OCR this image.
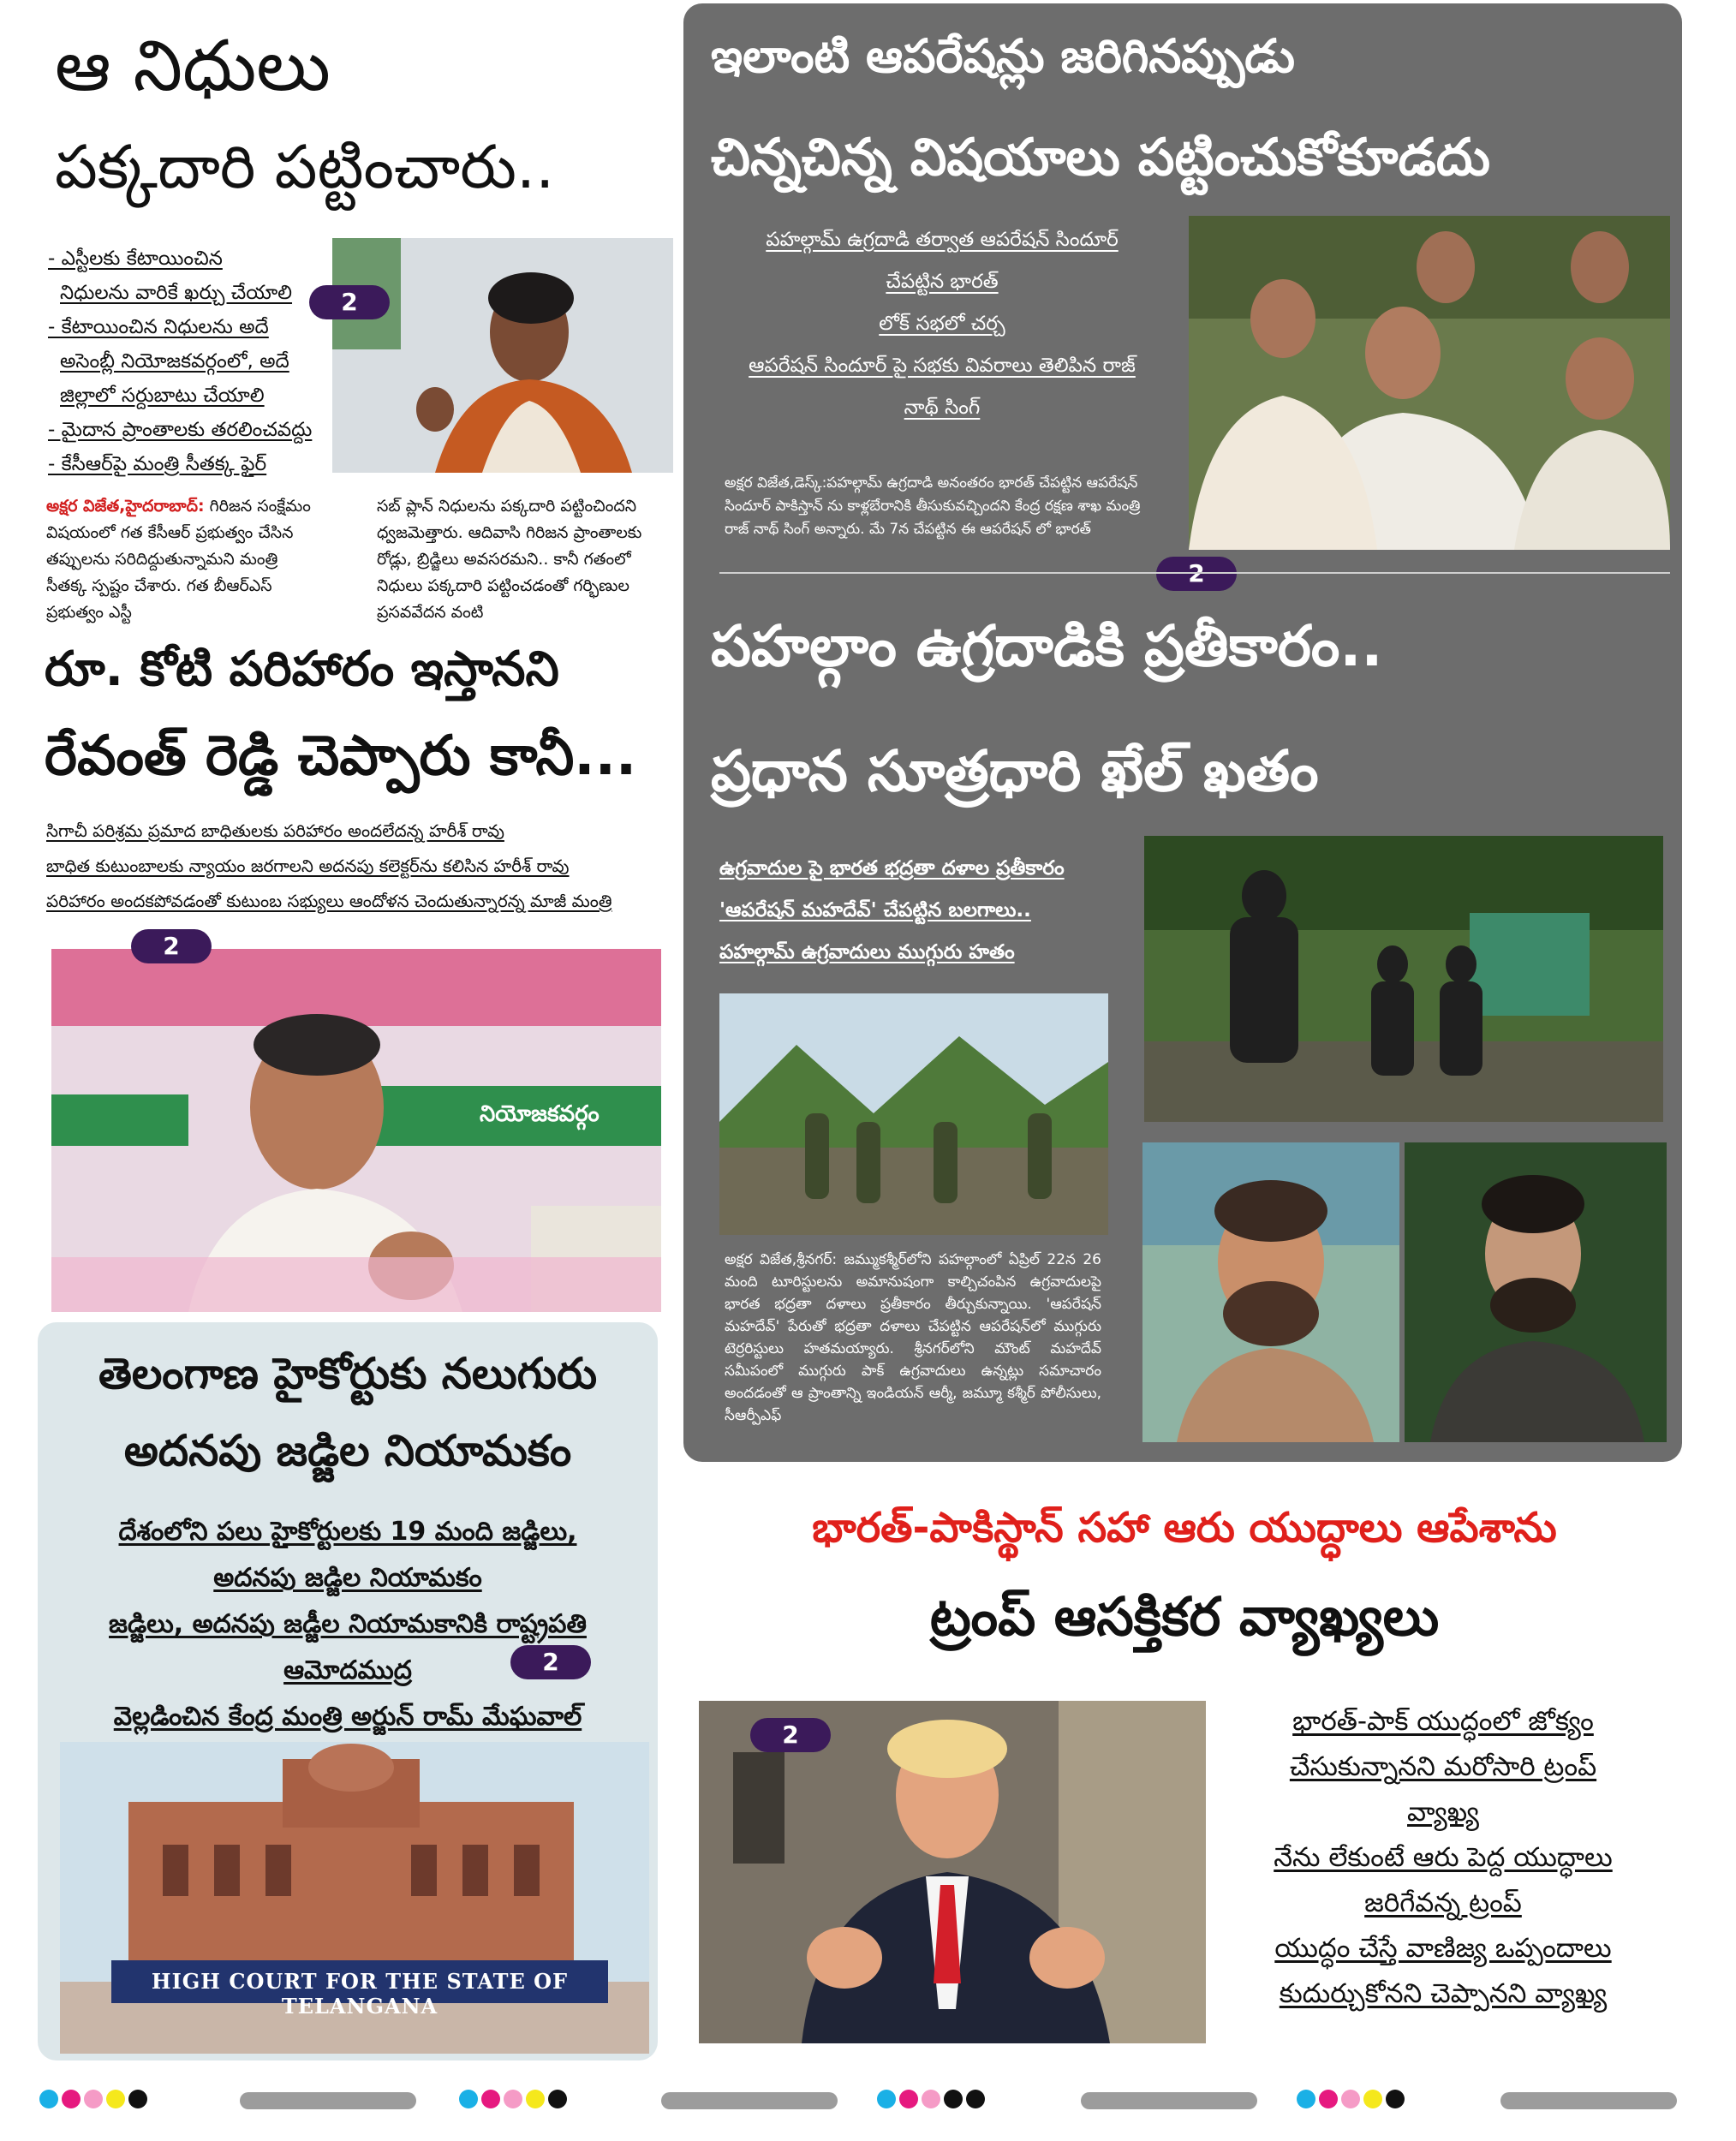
ఆ నిధులు
పక్కదారి పట్టించారు..

- ఎస్టీలకు కేటాయించిన

నిధులను వారికే ఖర్చు చేయాలి

- కేటాయించిన నిధులను అదే

అసెంబ్లీ నియోజకవర్గంలో, అదే

జిల్లాలో సర్దుబాటు చేయాలి

- మైదాన ప్రాంతాలకు తరలించవద్దు

- కేసీఆర్‌పై మంత్రి సీతక్క ఫైర్

2
అక్షర విజేత,హైదరాబాద్: గిరిజన సంక్షేమం విషయంలో గత కేసీఆర్ ప్రభుత్వం చేసిన తప్పులను సరిదిద్దుతున్నామని మంత్రి సీతక్క స్పష్టం చేశారు. గత బీఆర్ఎస్ ప్రభుత్వం ఎస్టీ
సబ్ ప్లాన్ నిధులను పక్కదారి పట్టించిందని ధ్వజమెత్తారు. ఆదివాసి గిరిజన ప్రాంతాలకు రోడ్లు, బ్రిడ్జిలు అవసరమని.. కానీ గతంలో నిధులు పక్కదారి పట్టించడంతో గర్భిణుల ప్రసవవేదన వంటి
రూ. కోటి పరిహారం ఇస్తానని
రేవంత్ రెడ్డి చెప్పారు కానీ...

సిగాచీ పరిశ్రమ ప్రమాద బాధితులకు పరిహారం అందలేదన్న హరీశ్ రావు

బాధిత కుటుంబాలకు న్యాయం జరగాలని అదనపు కలెక్టర్‌ను కలిసిన హరీశ్ రావు

పరిహారం అందకపోవడంతో కుటుంబ సభ్యులు ఆందోళన చెందుతున్నారన్న మాజీ మంత్రి

నియోజకవర్గం
2
తెలంగాణ హైకోర్టుకు నలుగురు
అదనపు జడ్జిల నియామకం
దేశంలోని పలు హైకోర్టులకు 19 మంది జడ్జిలు,
అదనపు జడ్జిల నియామకం
జడ్జిలు, అదనపు జడ్జీల నియామకానికి రాష్ట్రపతి
ఆమోదముద్ర
వెల్లడించిన కేంద్ర మంత్రి అర్జున్ రామ్ మేఘవాల్
2
HIGH COURT FOR THE STATE OF TELANGANA
ఇలాంటి ఆపరేషన్లు జరిగినప్పుడు
చిన్నచిన్న విషయాలు పట్టించుకోకూడదు
పహల్గామ్ ఉగ్రదాడి తర్వాత ఆపరేషన్ సిందూర్
చేపట్టిన భారత్
లోక్ సభలో చర్చ
ఆపరేషన్ సిందూర్ పై సభకు వివరాలు తెలిపిన రాజ్
నాథ్ సింగ్
అక్షర విజేత,డెస్క్:పహల్గామ్ ఉగ్రదాడి అనంతరం భారత్ చేపట్టిన ఆపరేషన్ సిందూర్ పాకిస్తాన్ ను కాళ్లబేరానికి తీసుకువచ్చిందని కేంద్ర రక్షణ శాఖ మంత్రి రాజ్ నాథ్ సింగ్ అన్నారు. మే 7న చేపట్టిన ఈ ఆపరేషన్ లో భారత్
పహల్గాం ఉగ్రదాడికి ప్రతీకారం..
ప్రధాన సూత్రధారి ఖేల్ ఖతం
ఉగ్రవాదుల పై భారత భద్రతా దళాల ప్రతీకారం
'ఆపరేషన్ మహదేవ్' చేపట్టిన బలగాలు..
పహల్గామ్ ఉగ్రవాదులు ముగ్గురు హతం
అక్షర విజేత,శ్రీనగర్: జమ్ముకశ్మీర్‌లోని పహల్గాంలో ఏప్రిల్ 22న 26 మంది టూరిస్టులను అమానుషంగా కాల్చిచంపిన ఉగ్రవాదులపై భారత భద్రతా దళాలు ప్రతీకారం తీర్చుకున్నాయి. 'ఆపరేషన్ మహదేవ్' పేరుతో భద్రతా దళాలు చేపట్టిన ఆపరేషన్‌లో ముగ్గురు టెర్రరిస్టులు హతమయ్యారు. శ్రీనగర్‌లోని మౌంట్ మహదేవ్ సమీపంలో ముగ్గురు పాక్ ఉగ్రవాదులు ఉన్నట్లు సమాచారం అందడంతో ఆ ప్రాంతాన్ని ఇండియన్ ఆర్మీ, జమ్మూ కశ్మీర్ పోలీసులు, సీఆర్పీఎఫ్
భారత్-పాకిస్థాన్ సహా ఆరు యుద్ధాలు ఆపేశాను
ట్రంప్ ఆసక్తికర వ్యాఖ్యలు
2	భారత్-పాక్ యుద్ధంలో జోక్యం
చేసుకున్నానని మరోసారి ట్రంప్
వ్యాఖ్య
నేను లేకుంటే ఆరు పెద్ద యుద్ధాలు
జరిగేవన్న ట్రంప్
యుద్ధం చేస్తే వాణిజ్య ఒప్పందాలు
కుదుర్చుకోనని చెప్పానని వ్యాఖ్య
